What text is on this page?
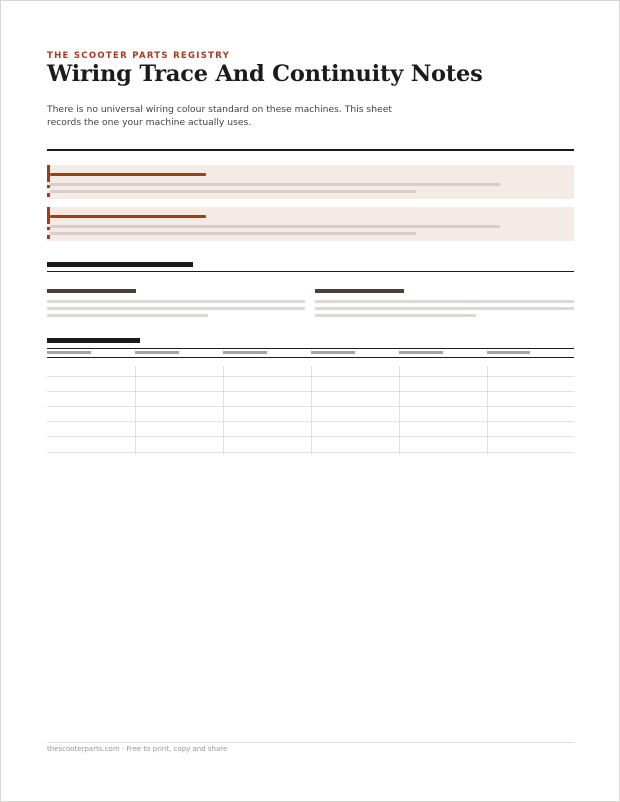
THE SCOOTER PARTS REGISTRY
Wiring Trace And Continuity Notes
There is no universal wiring colour standard on these machines. This sheet records the one your machine actually uses.
thescooterparts.com · Free to print, copy and share
